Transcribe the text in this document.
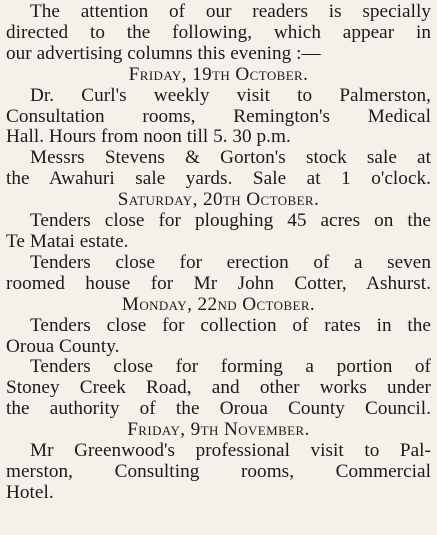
The attention of our readers is specially
directed to the following, which appear in
our advertising columns this evening :—
Friday, 19th October.
Dr. Curl's weekly visit to Palmerston,
Consultation rooms, Remington's Medical
Hall. Hours from noon till 5. 30 p.m.
Messrs Stevens & Gorton's stock sale at
the Awahuri sale yards. Sale at 1 o'clock.
Saturday, 20th October.
Tenders close for ploughing 45 acres on the
Te Matai estate.
Tenders close for erection of a seven
roomed house for Mr John Cotter, Ashurst.
Monday, 22nd October.
Tenders close for collection of rates in the
Oroua County.
Tenders close for forming a portion of
Stoney Creek Road, and other works under
the authority of the Oroua County Council.
Friday, 9th November.
Mr Greenwood's professional visit to Pal-
merston, Consulting rooms, Commercial
Hotel.
